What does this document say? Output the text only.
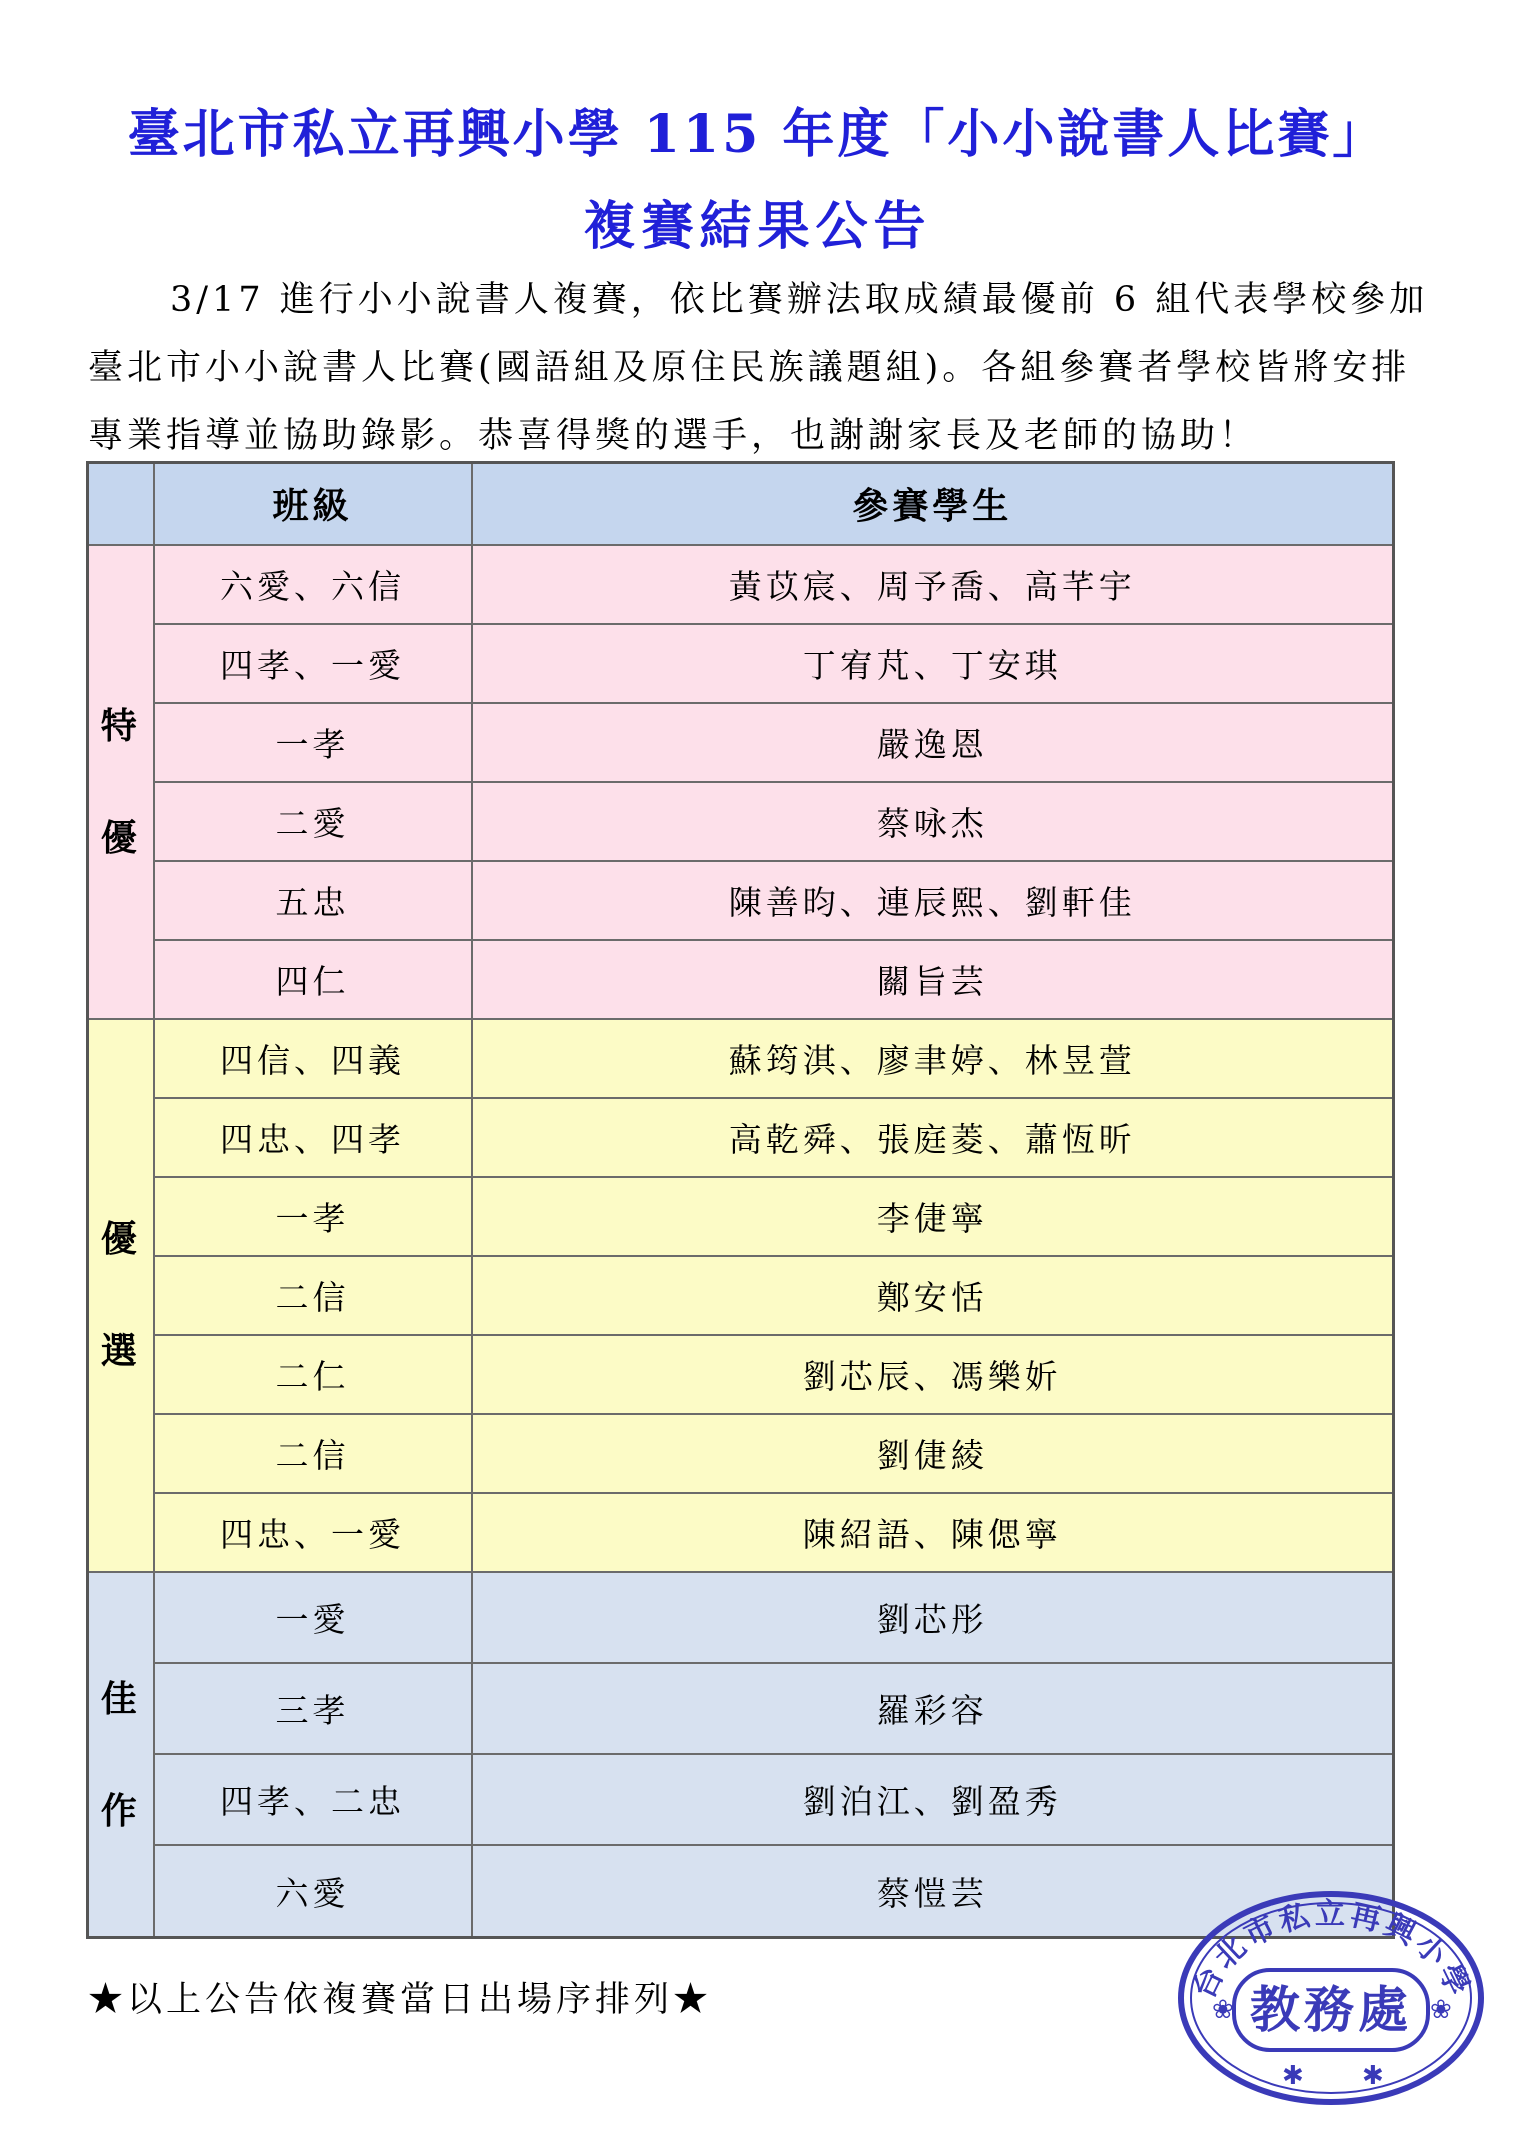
臺北市私立再興小學 115 年度「小小說書人比賽」
複賽結果公告
3/17 進行小小說書人複賽，依比賽辦法取成績最優前 6 組代表學校參加
臺北市小小說書人比賽(國語組及原住民族議題組)。各組參賽者學校皆將安排
專業指導並協助錄影。恭喜得獎的選手，也謝謝家長及老師的協助！
	班級	參賽學生

特
優	六愛、六信	黃苡宸、周予喬、高芊宇
	四孝、一愛	丁宥芃、丁安琪
	一孝	嚴逸恩
	二愛	蔡咏杰
	五忠	陳善昀、連辰熙、劉軒佳
	四仁	關旨芸

優
選	四信、四義	蘇筠淇、廖聿婷、林昱萱
	四忠、四孝	高乾舜、張庭菱、蕭恆昕
	一孝	李倢寧
	二信	鄭安恬
	二仁	劉芯辰、馮樂妡
	二信	劉倢綾
	四忠、一愛	陳紹語、陳偲寧

佳
作	一愛	劉芯彤
	三孝	羅彩容
	四孝、二忠	劉泊江、劉盈秀
	六愛	蔡愷芸
★以上公告依複賽當日出場序排列★	台北市私立再興小學
教務處
❀	❀
✱ ✱
